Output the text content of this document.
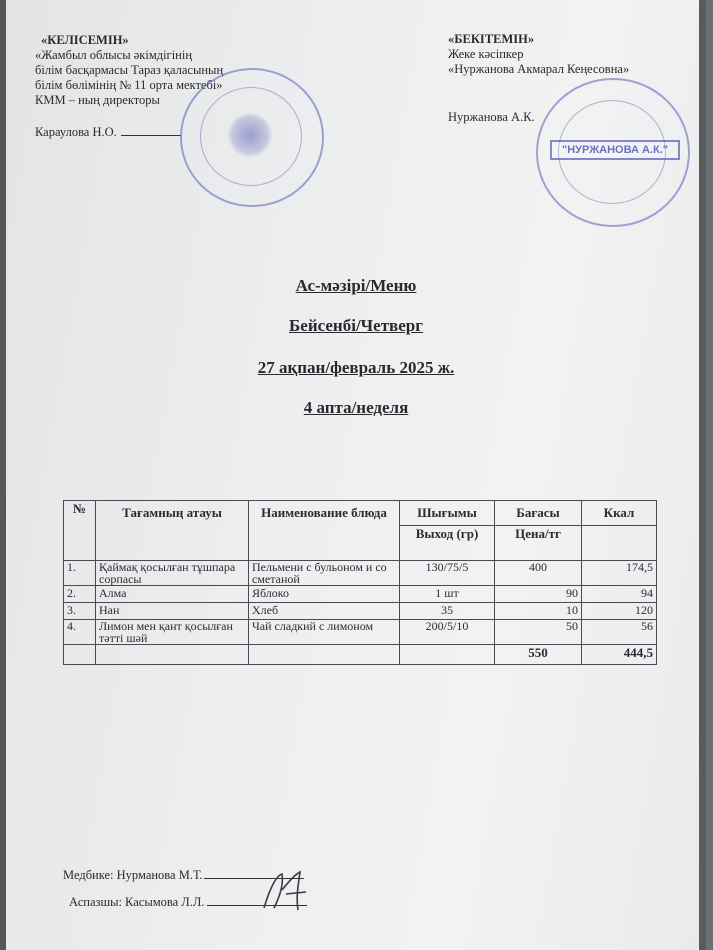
«КЕЛІСЕМІН»
«Жамбыл облысы әкімдігінің
білім басқармасы Тараз қаласының
білім бөлімінің № 11 орта мектебі»
КММ – ның директоры
Караулова Н.О.
«БЕКІТЕМІН»
Жеке кәсіпкер
«Нуржанова Акмарал Кеңесовна»
Нуржанова А.К.
"НУРЖАНОВА А.К."
Ас-мәзірі/Меню
Бейсенбі/Четверг
27 ақпан/февраль 2025 ж.
4 апта/неделя
№	Тағамның атауы	Наименование блюда	Шығымы	Бағасы	Ккал
			Выход (гр)	Цена/тг	
1.	Қаймақ қосылған тұшпара сорпасы	Пельмени с бульоном и со сметаной	130/75/5	400	174,5
2.	Алма	Яблоко	1 шт	90	94
3.	Нан	Хлеб	35	10	120
4.	Лимон мен қант қосылған тәтті шәй	Чай сладкий с лимоном	200/5/10	50	56
				550	444,5
Медбике: Нурманова М.Т.
Аспазшы: Касымова Л.Л.
